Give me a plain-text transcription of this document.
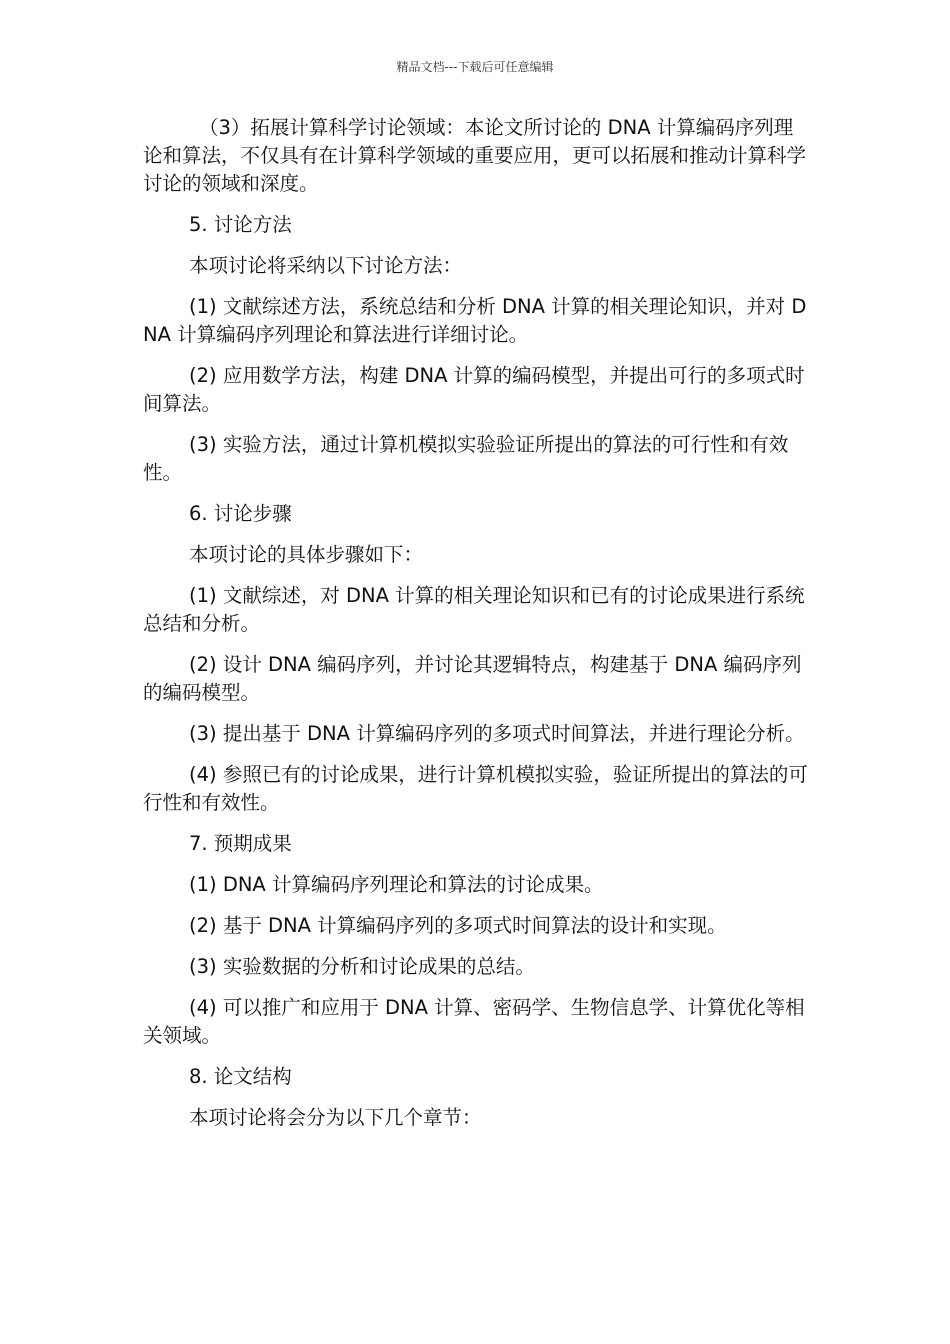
精品文档---下载后可任意编辑

（3）拓展计算科学讨论领域：本论文所讨论的 DNA 计算编码序列理论和算法，不仅具有在计算科学领域的重要应用，更可以拓展和推动计算科学讨论的领域和深度。

5. 讨论方法

本项讨论将采纳以下讨论方法：

(1) 文献综述方法，系统总结和分析 DNA 计算的相关理论知识，并对 DNA 计算编码序列理论和算法进行详细讨论。

(2) 应用数学方法，构建 DNA 计算的编码模型，并提出可行的多项式时间算法。

(3) 实验方法，通过计算机模拟实验验证所提出的算法的可行性和有效性。

6. 讨论步骤

本项讨论的具体步骤如下：

(1) 文献综述，对 DNA 计算的相关理论知识和已有的讨论成果进行系统总结和分析。

(2) 设计 DNA 编码序列，并讨论其逻辑特点，构建基于 DNA 编码序列的编码模型。

(3) 提出基于 DNA 计算编码序列的多项式时间算法，并进行理论分析。

(4) 参照已有的讨论成果，进行计算机模拟实验，验证所提出的算法的可行性和有效性。

7. 预期成果

(1) DNA 计算编码序列理论和算法的讨论成果。

(2) 基于 DNA 计算编码序列的多项式时间算法的设计和实现。

(3) 实验数据的分析和讨论成果的总结。

(4) 可以推广和应用于 DNA 计算、密码学、生物信息学、计算优化等相关领域。

8. 论文结构

本项讨论将会分为以下几个章节：
